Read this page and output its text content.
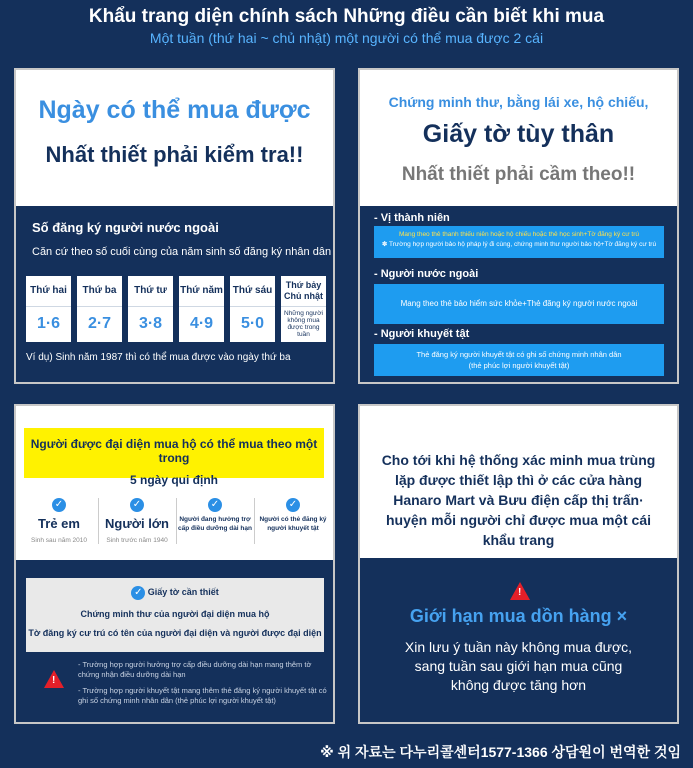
Khẩu trang diện chính sách Những điều cần biết khi mua
Một tuần (thứ hai ~ chủ nhật) một người có thể mua được 2 cái
Ngày có thể mua được
Nhất thiết phải kiểm tra!!
Số đăng ký người nước ngoài
Căn cứ theo số cuối cùng của năm sinh số đăng ký nhân dân
Thứ hai
1·6
Thứ ba
2·7
Thứ tư
3·8
Thứ năm
4·9
Thứ sáu
5·0
Thứ bảy Chủ nhật
Những người không mua được trong tuần
Ví dụ) Sinh năm 1987 thì có thể mua được vào ngày thứ ba
Chứng minh thư, bằng lái xe, hộ chiếu,
Giấy tờ tùy thân
Nhất thiết phải cầm theo!!
- Vị thành niên
Mang theo thẻ thanh thiếu niên hoặc hộ chiếu hoặc thẻ học sinh+Tờ đăng ký cư trú
✽ Trường hợp người bảo hộ pháp lý đi cùng, chứng minh thư người bảo hộ+Tờ đăng ký cư trú
- Người nước ngoài
Mang theo thẻ bảo hiểm sức khỏe+Thẻ đăng ký người nước ngoài
- Người khuyết tật
Thẻ đăng ký người khuyết tật có ghi số chứng minh nhân dân
(thẻ phúc lợi người khuyết tật)
Người được đại diện mua hộ có thể mua theo một trong
5 ngày qui định
✓
Trẻ em
Sinh sau năm 2010
✓
Người lớn
Sinh trước năm 1940
✓
Người đang hưởng trợ cấp điều dưỡng dài hạn
✓
Người có thẻ đăng ký người khuyết tật
✓ Giấy tờ cần thiết
Chứng minh thư của người đại diện mua hộ
Tờ đăng ký cư trú có tên của người đại diện và người được đại diện
!
- Trường hợp người hưởng trợ cấp điều dưỡng dài hạn mang thêm tờ chứng nhận điều dưỡng dài hạn
- Trường hợp người khuyết tật mang thêm thẻ đăng ký người khuyết tật có ghi số chứng minh nhân dân (thẻ phúc lợi người khuyết tật)
Cho tới khi hệ thống xác minh mua trùng lặp được thiết lập thì ở các cửa hàng Hanaro Mart và Bưu điện cấp thị trấn· huyện mỗi người chỉ được mua một cái khẩu trang
!
Giới hạn mua dồn hàng ×
Xin lưu ý tuần này không mua được,
sang tuần sau giới hạn mua cũng
không được tăng hơn
※ 위 자료는 다누리콜센터1577-1366 상담원이 번역한 것임
